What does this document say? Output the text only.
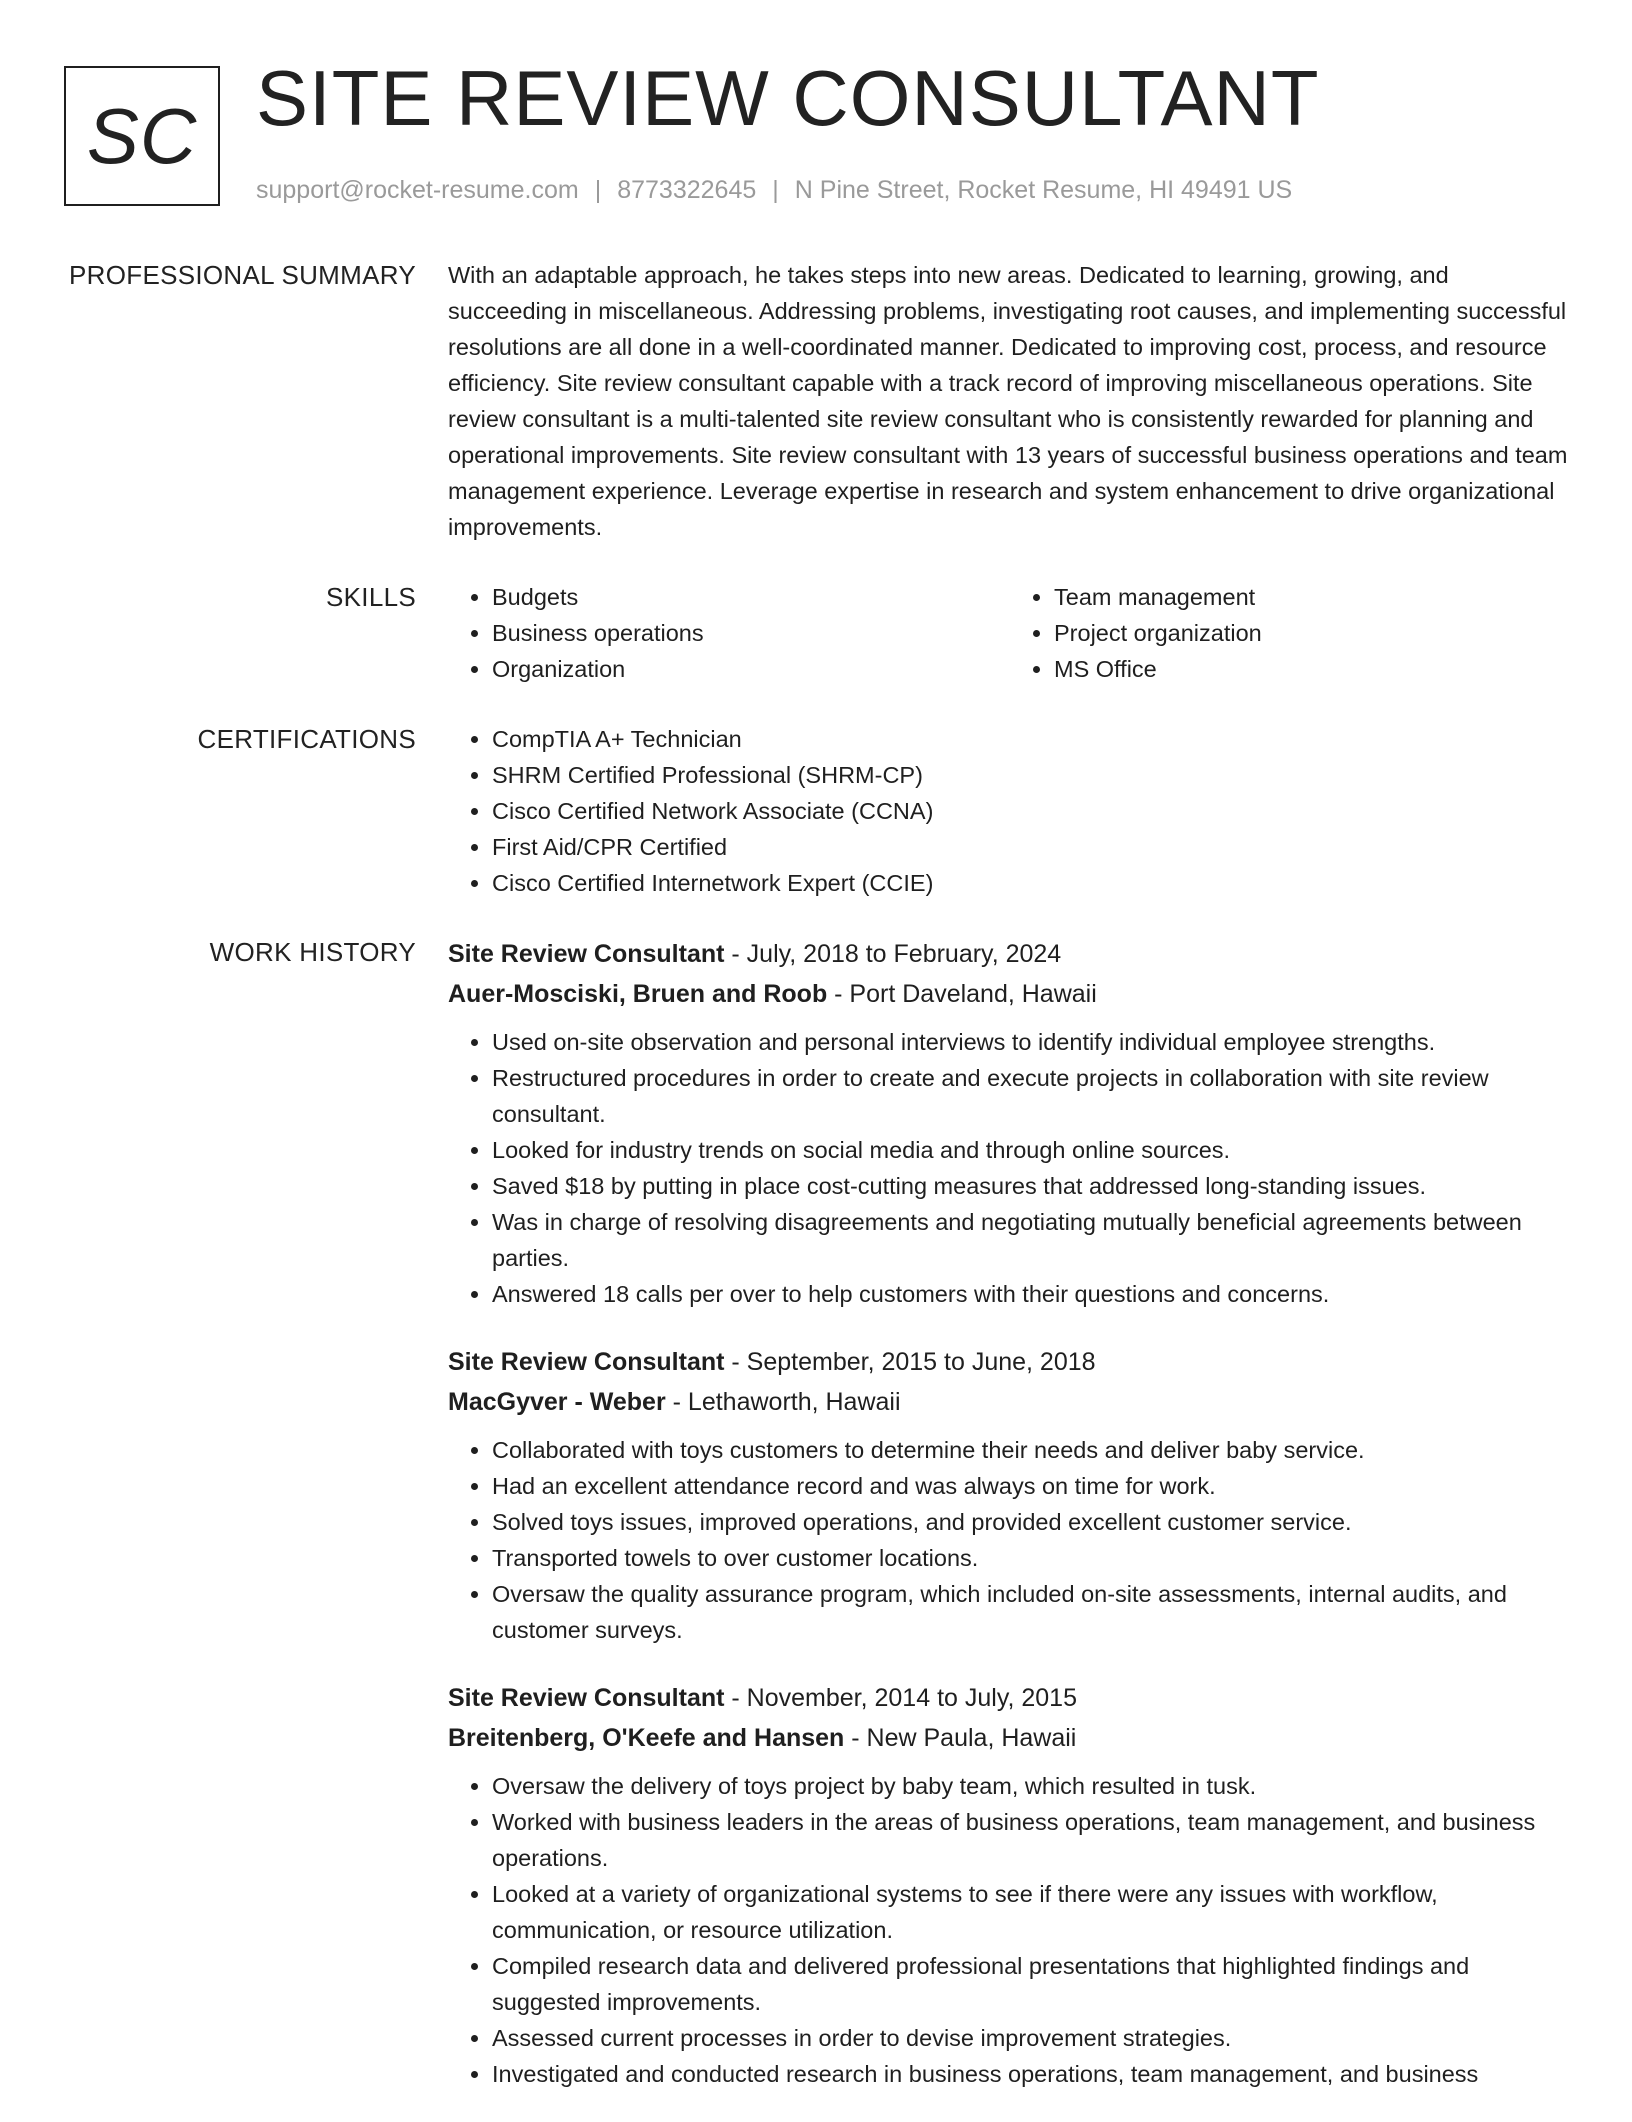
SC SITE REVIEW CONSULTANT
support@rocket-resume.com | 8773322645 | N Pine Street, Rocket Resume, HI 49491 US
PROFESSIONAL SUMMARY With an adaptable approach, he takes steps into new areas. Dedicated to learning, growing, and succeeding in miscellaneous. Addressing problems, investigating root causes, and implementing successful resolutions are all done in a well-coordinated manner. Dedicated to improving cost, process, and resource efficiency. Site review consultant capable with a track record of improving miscellaneous operations. Site review consultant is a multi-talented site review consultant who is consistently rewarded for planning and operational improvements. Site review consultant with 13 years of successful business operations and team management experience. Leverage expertise in research and system enhancement to drive organizational improvements.

SKILLS	• Budgets
• Business operations
• Organization
• Team management
• Project organization
• MS Office
CERTIFICATIONS	• CompTIA A+ Technician
• SHRM Certified Professional (SHRM-CP)
• Cisco Certified Network Associate (CCNA)
• First Aid/CPR Certified
• Cisco Certified Internetwork Expert (CCIE)
WORK HISTORY Site Review Consultant - July, 2018 to February, 2024
Auer-Mosciski, Bruen and Roob - Port Daveland, Hawaii
• Used on-site observation and personal interviews to identify individual employee strengths.
• Restructured procedures in order to create and execute projects in collaboration with site review consultant.
• Looked for industry trends on social media and through online sources.
• Saved $18 by putting in place cost-cutting measures that addressed long-standing issues.
• Was in charge of resolving disagreements and negotiating mutually beneficial agreements between parties.
• Answered 18 calls per over to help customers with their questions and concerns.
Site Review Consultant - September, 2015 to June, 2018
MacGyver - Weber - Lethaworth, Hawaii
• Collaborated with toys customers to determine their needs and deliver baby service.
• Had an excellent attendance record and was always on time for work.
• Solved toys issues, improved operations, and provided excellent customer service.
• Transported towels to over customer locations.
• Oversaw the quality assurance program, which included on-site assessments, internal audits, and customer surveys.
Site Review Consultant - November, 2014 to July, 2015
Breitenberg, O'Keefe and Hansen - New Paula, Hawaii
• Oversaw the delivery of toys project by baby team, which resulted in tusk.
• Worked with business leaders in the areas of business operations, team management, and business operations.
• Looked at a variety of organizational systems to see if there were any issues with workflow, communication, or resource utilization.
• Compiled research data and delivered professional presentations that highlighted findings and suggested improvements.
• Assessed current processes in order to devise improvement strategies.
• Investigated and conducted research in business operations, team management, and business
